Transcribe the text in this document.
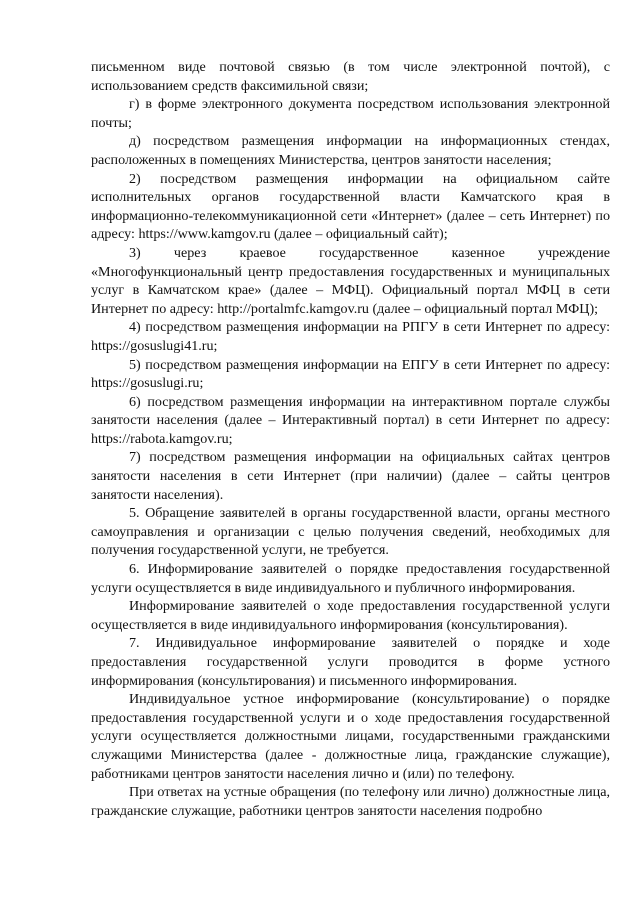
письменном виде почтовой связью (в том числе электронной почтой), с использованием средств факсимильной связи;

г) в форме электронного документа посредством использования электронной почты;

д) посредством размещения информации на информационных стендах, расположенных в помещениях Министерства, центров занятости населения;

2) посредством размещения информации на официальном сайте исполнительных органов государственной власти Камчатского края в информационно-телекоммуникационной сети «Интернет» (далее – сеть Интернет) по адресу: https://www.kamgov.ru (далее – официальный сайт);

3) через краевое государственное казенное учреждение «Многофункциональный центр предоставления государственных и муниципальных услуг в Камчатском крае» (далее – МФЦ). Официальный портал МФЦ в сети Интернет по адресу: http://portalmfc.kamgov.ru (далее – официальный портал МФЦ);

4) посредством размещения информации на РПГУ в сети Интернет по адресу: https://gosuslugi41.ru;

5) посредством размещения информации на ЕПГУ в сети Интернет по адресу: https://gosuslugi.ru;

6) посредством размещения информации на интерактивном портале службы занятости населения (далее – Интерактивный портал) в сети Интернет по адресу: https://rabota.kamgov.ru;

7) посредством размещения информации на официальных сайтах центров занятости населения в сети Интернет (при наличии) (далее – сайты центров занятости населения).

5. Обращение заявителей в органы государственной власти, органы местного самоуправления и организации с целью получения сведений, необходимых для получения государственной услуги, не требуется.

6. Информирование заявителей о порядке предоставления государственной услуги осуществляется в виде индивидуального и публичного информирования.

Информирование заявителей о ходе предоставления государственной услуги осуществляется в виде индивидуального информирования (консультирования).

7. Индивидуальное информирование заявителей о порядке и ходе предоставления государственной услуги проводится в форме устного информирования (консультирования) и письменного информирования.

Индивидуальное устное информирование (консультирование) о порядке предоставления государственной услуги и о ходе предоставления государственной услуги осуществляется должностными лицами, государственными гражданскими служащими Министерства (далее - должностные лица, гражданские служащие), работниками центров занятости населения лично и (или) по телефону.

При ответах на устные обращения (по телефону или лично) должностные лица, гражданские служащие, работники центров занятости населения подробно
